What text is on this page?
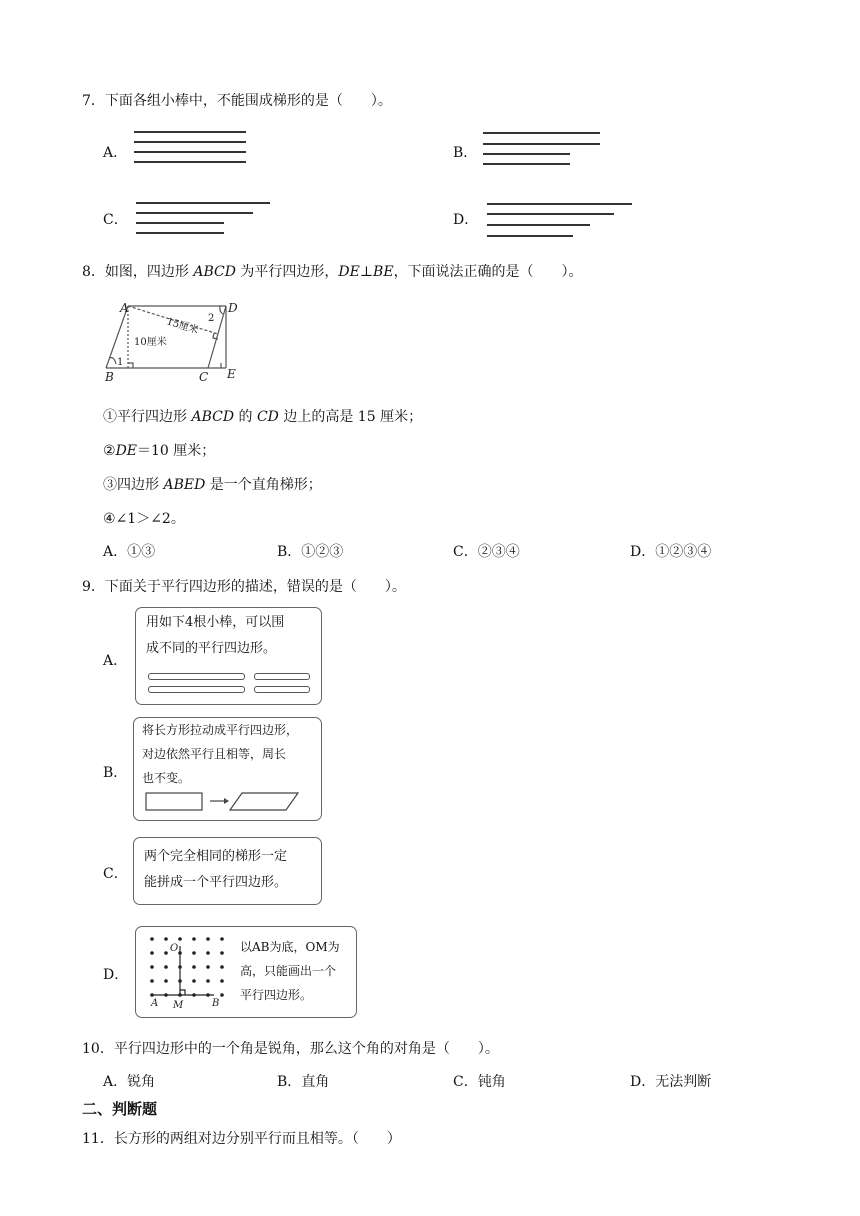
7．下面各组小棒中，不能围成梯形的是（　　）。
A．	B．
C．	D．
8．如图，四边形 ABCD 为平行四边形，DE⊥BE，下面说法正确的是（　　）。
A	D
B	C E
1
2
15厘米
10厘米
①平行四边形 ABCD 的 CD 边上的高是 15 厘米；
②DE＝10 厘米；
③四边形 ABED 是一个直角梯形；
④∠1＞∠2。
A．①③	B．①②③	C．②③④	D．①②③④
9．下面关于平行四边形的描述，错误的是（　　）。
A．
用如下4根小棒，可以围
成不同的平行四边形。
B．
将长方形拉动成平行四边形，
对边依然平行且相等，周长
也不变。
C．
两个完全相同的梯形一定
能拼成一个平行四边形。
D．
O
A M	B
以AB为底，OM为
高，只能画出一个
平行四边形。
10．平行四边形中的一个角是锐角，那么这个角的对角是（　　）。
A．锐角	B．直角	C．钝角	D．无法判断
二、判断题
11．长方形的两组对边分别平行而且相等。（　　）
